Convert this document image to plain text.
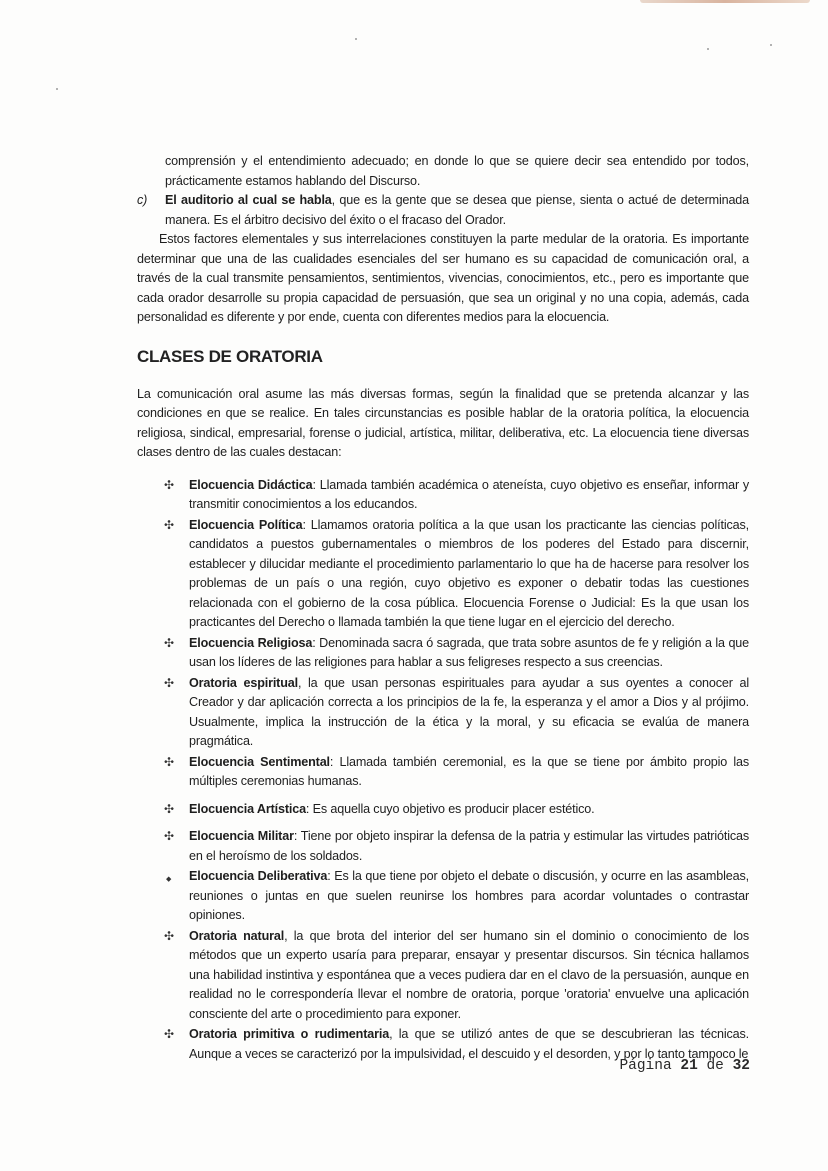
comprensión y el entendimiento adecuado; en donde lo que se quiere decir sea entendido por todos, prácticamente estamos hablando del Discurso.

c) El auditorio al cual se habla, que es la gente que se desea que piense, sienta o actué de determinada manera. Es el árbitro decisivo del éxito o el fracaso del Orador.

Estos factores elementales y sus interrelaciones constituyen la parte medular de la oratoria. Es importante determinar que una de las cualidades esenciales del ser humano es su capacidad de comunicación oral, a través de la cual transmite pensamientos, sentimientos, vivencias, conocimientos, etc., pero es importante que cada orador desarrolle su propia capacidad de persuasión, que sea un original y no una copia, además, cada personalidad es diferente y por ende, cuenta con diferentes medios para la elocuencia.

CLASES DE ORATORIA

La comunicación oral asume las más diversas formas, según la finalidad que se pretenda alcanzar y las condiciones en que se realice. En tales circunstancias es posible hablar de la oratoria política, la elocuencia religiosa, sindical, empresarial, forense o judicial, artística, militar, deliberativa, etc. La elocuencia tiene diversas clases dentro de las cuales destacan:

✣ Elocuencia Didáctica: Llamada también académica o ateneísta, cuyo objetivo es enseñar, informar y transmitir conocimientos a los educandos.
✣ Elocuencia Política: Llamamos oratoria política a la que usan los practicante las ciencias políticas, candidatos a puestos gubernamentales o miembros de los poderes del Estado para discernir, establecer y dilucidar mediante el procedimiento parlamentario lo que ha de hacerse para resolver los problemas de un país o una región, cuyo objetivo es exponer o debatir todas las cuestiones relacionada con el gobierno de la cosa pública. Elocuencia Forense o Judicial: Es la que usan los practicantes del Derecho o llamada también la que tiene lugar en el ejercicio del derecho.
✣ Elocuencia Religiosa: Denominada sacra ó sagrada, que trata sobre asuntos de fe y religión a la que usan los líderes de las religiones para hablar a sus feligreses respecto a sus creencias.
✣ Oratoria espiritual, la que usan personas espirituales para ayudar a sus oyentes a conocer al Creador y dar aplicación correcta a los principios de la fe, la esperanza y el amor a Dios y al prójimo. Usualmente, implica la instrucción de la ética y la moral, y su eficacia se evalúa de manera pragmática.
✣ Elocuencia Sentimental: Llamada también ceremonial, es la que se tiene por ámbito propio las múltiples ceremonias humanas.
✣ Elocuencia Artística: Es aquella cuyo objetivo es producir placer estético.
✣ Elocuencia Militar: Tiene por objeto inspirar la defensa de la patria y estimular las virtudes patrióticas en el heroísmo de los soldados.
◆ Elocuencia Deliberativa: Es la que tiene por objeto el debate o discusión, y ocurre en las asambleas, reuniones o juntas en que suelen reunirse los hombres para acordar voluntades o contrastar opiniones.
✣ Oratoria natural, la que brota del interior del ser humano sin el dominio o conocimiento de los métodos que un experto usaría para preparar, ensayar y presentar discursos. Sin técnica hallamos una habilidad instintiva y espontánea que a veces pudiera dar en el clavo de la persuasión, aunque en realidad no le correspondería llevar el nombre de oratoria, porque 'oratoria' envuelve una aplicación consciente del arte o procedimiento para exponer.
✣ Oratoria primitiva o rudimentaria, la que se utilizó antes de que se descubrieran las técnicas. Aunque a veces se caracterizó por la impulsividad, el descuido y el desorden, y por lo tanto tampoco le
Página 21 de 32
